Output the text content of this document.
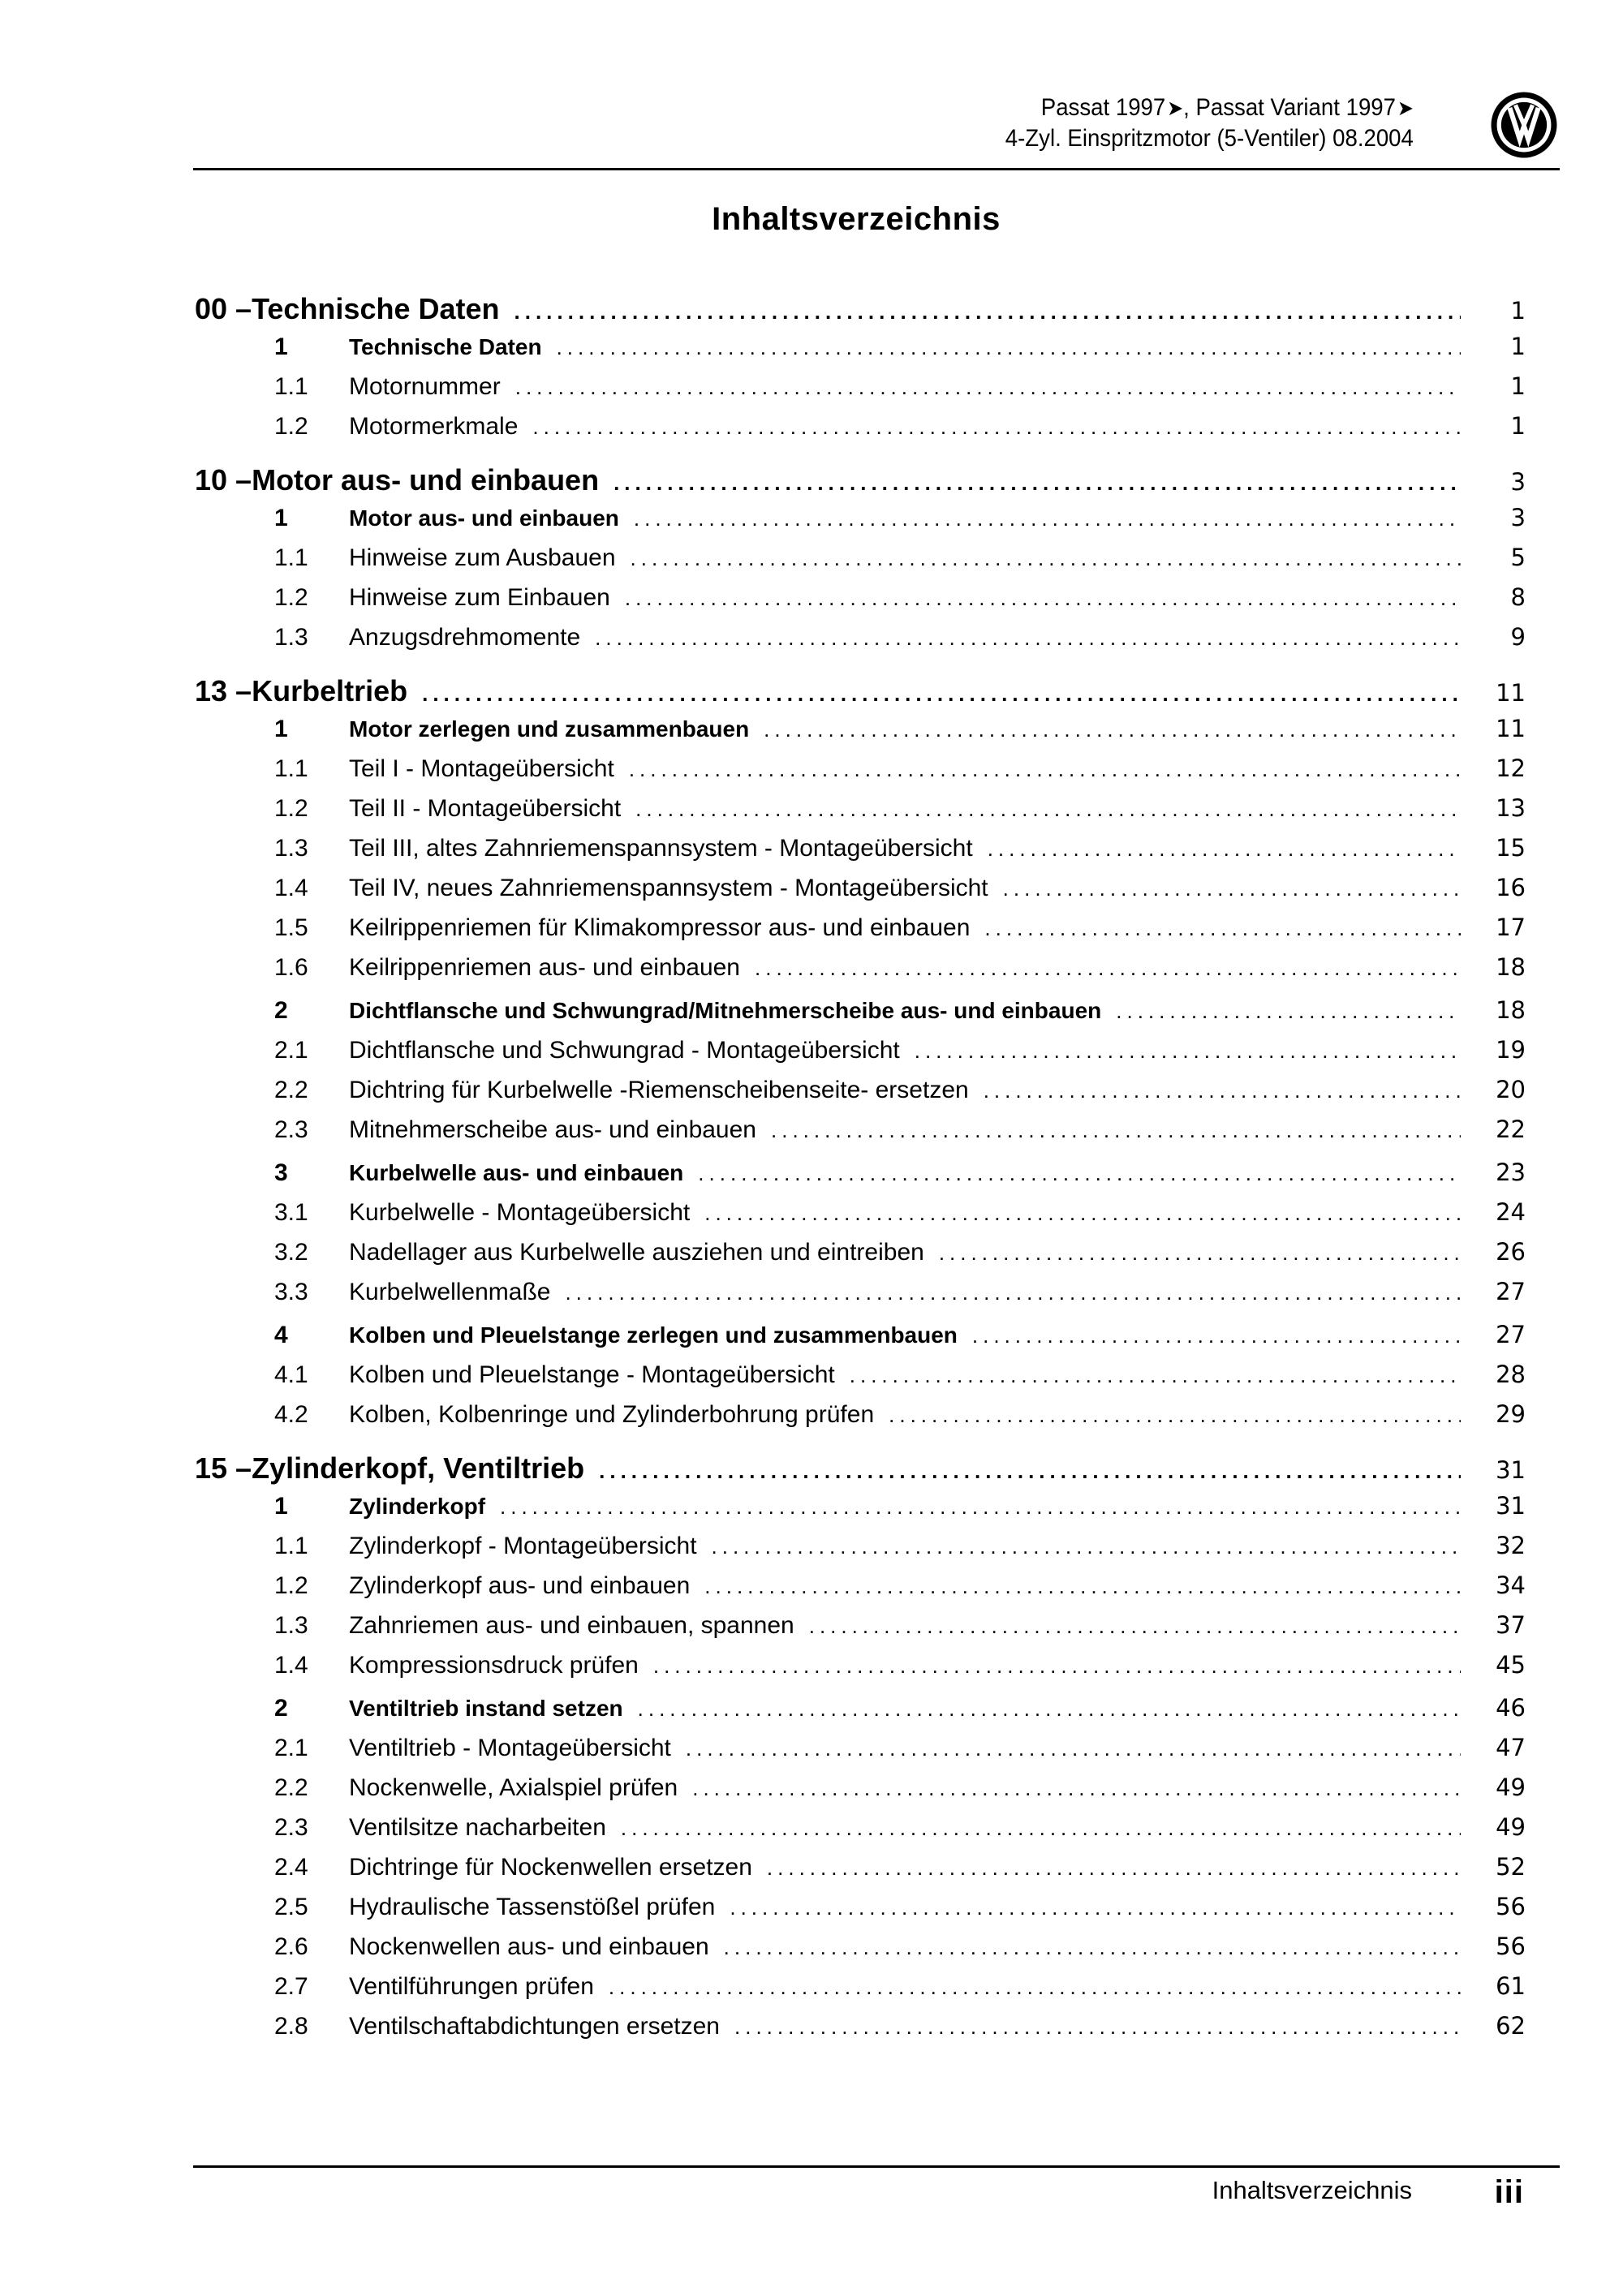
Passat 1997➤, Passat Variant 1997➤
4-Zyl. Einspritzmotor (5-Ventiler) 08.2004
Inhaltsverzeichnis
00 – Technische Daten .....	1
1	Technische Daten .....	1
1.1	Motornummer .....	1
1.2	Motormerkmale .....	1
10 – Motor aus- und einbauen .....	3
1	Motor aus- und einbauen .....	3
1.1	Hinweise zum Ausbauen .....	5
1.2	Hinweise zum Einbauen .....	8
1.3	Anzugsdrehmomente .....	9
13 – Kurbeltrieb .....	11
1	Motor zerlegen und zusammenbauen .....	11
1.1	Teil I - Montageübersicht .....	12
1.2	Teil II - Montageübersicht .....	13
1.3	Teil III, altes Zahnriemenspannsystem - Montageübersicht .....	15
1.4	Teil IV, neues Zahnriemenspannsystem - Montageübersicht .....	16
1.5	Keilrippenriemen für Klimakompressor aus- und einbauen .....	17
1.6	Keilrippenriemen aus- und einbauen .....	18
2	Dichtflansche und Schwungrad/Mitnehmerscheibe aus- und einbauen .....	18
2.1	Dichtflansche und Schwungrad - Montageübersicht .....	19
2.2	Dichtring für Kurbelwelle -Riemenscheibenseite- ersetzen .....	20
2.3	Mitnehmerscheibe aus- und einbauen .....	22
3	Kurbelwelle aus- und einbauen .....	23
3.1	Kurbelwelle - Montageübersicht .....	24
3.2	Nadellager aus Kurbelwelle ausziehen und eintreiben .....	26
3.3	Kurbelwellenmaße .....	27
4	Kolben und Pleuelstange zerlegen und zusammenbauen .....	27
4.1	Kolben und Pleuelstange - Montageübersicht .....	28
4.2	Kolben, Kolbenringe und Zylinderbohrung prüfen .....	29
15 – Zylinderkopf, Ventiltrieb .....	31
1	Zylinderkopf .....	31
1.1	Zylinderkopf - Montageübersicht .....	32
1.2	Zylinderkopf aus- und einbauen .....	34
1.3	Zahnriemen aus- und einbauen, spannen .....	37
1.4	Kompressionsdruck prüfen .....	45
2	Ventiltrieb instand setzen .....	46
2.1	Ventiltrieb - Montageübersicht .....	47
2.2	Nockenwelle, Axialspiel prüfen .....	49
2.3	Ventilsitze nacharbeiten .....	49
2.4	Dichtringe für Nockenwellen ersetzen .....	52
2.5	Hydraulische Tassenstößel prüfen .....	56
2.6	Nockenwellen aus- und einbauen .....	56
2.7	Ventilführungen prüfen .....	61
2.8	Ventilschaftabdichtungen ersetzen .....	62
Inhaltsverzeichnis	iii
